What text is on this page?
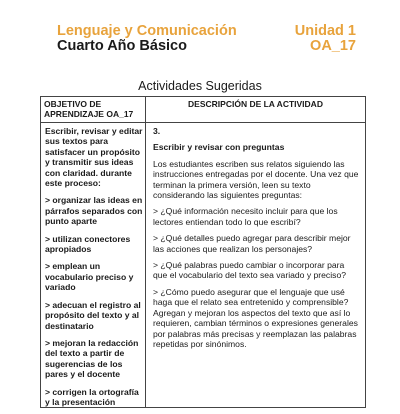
Lenguaje y Comunicación
Cuarto Año Básico
Unidad 1
OA_17
Actividades Sugeridas
OBJETIVO DE APRENDIZAJE OA_17
DESCRIPCIÓN DE LA ACTIVIDAD

Escribir, revisar y editar sus textos para satisfacer un propósito y transmitir sus ideas con claridad. durante este proceso:

> organizar las ideas en párrafos separados con punto aparte

> utilizan conectores apropiados

> emplean un vocabulario preciso y variado

> adecuan el registro al propósito del texto y al destinatario

> mejoran la redacción del texto a partir de sugerencias de los pares y el docente

> corrigen la ortografía y la presentación

3.

Escribir y revisar con preguntas

Los estudiantes escriben sus relatos siguiendo las instrucciones entregadas por el docente. Una vez que terminan la primera versión, leen su texto considerando las siguientes preguntas:

> ¿Qué información necesito incluir para que los lectores entiendan todo lo que escribí?

> ¿Qué detalles puedo agregar para describir mejor las acciones que realizan los personajes?

> ¿Qué palabras puedo cambiar o incorporar para que el vocabulario del texto sea variado y preciso?

> ¿Cómo puedo asegurar que el lenguaje que usé haga que el relato sea entretenido y comprensible? Agregan y mejoran los aspectos del texto que así lo requieren, cambian términos o expresiones generales por palabras más precisas y reemplazan las palabras repetidas por sinónimos.
